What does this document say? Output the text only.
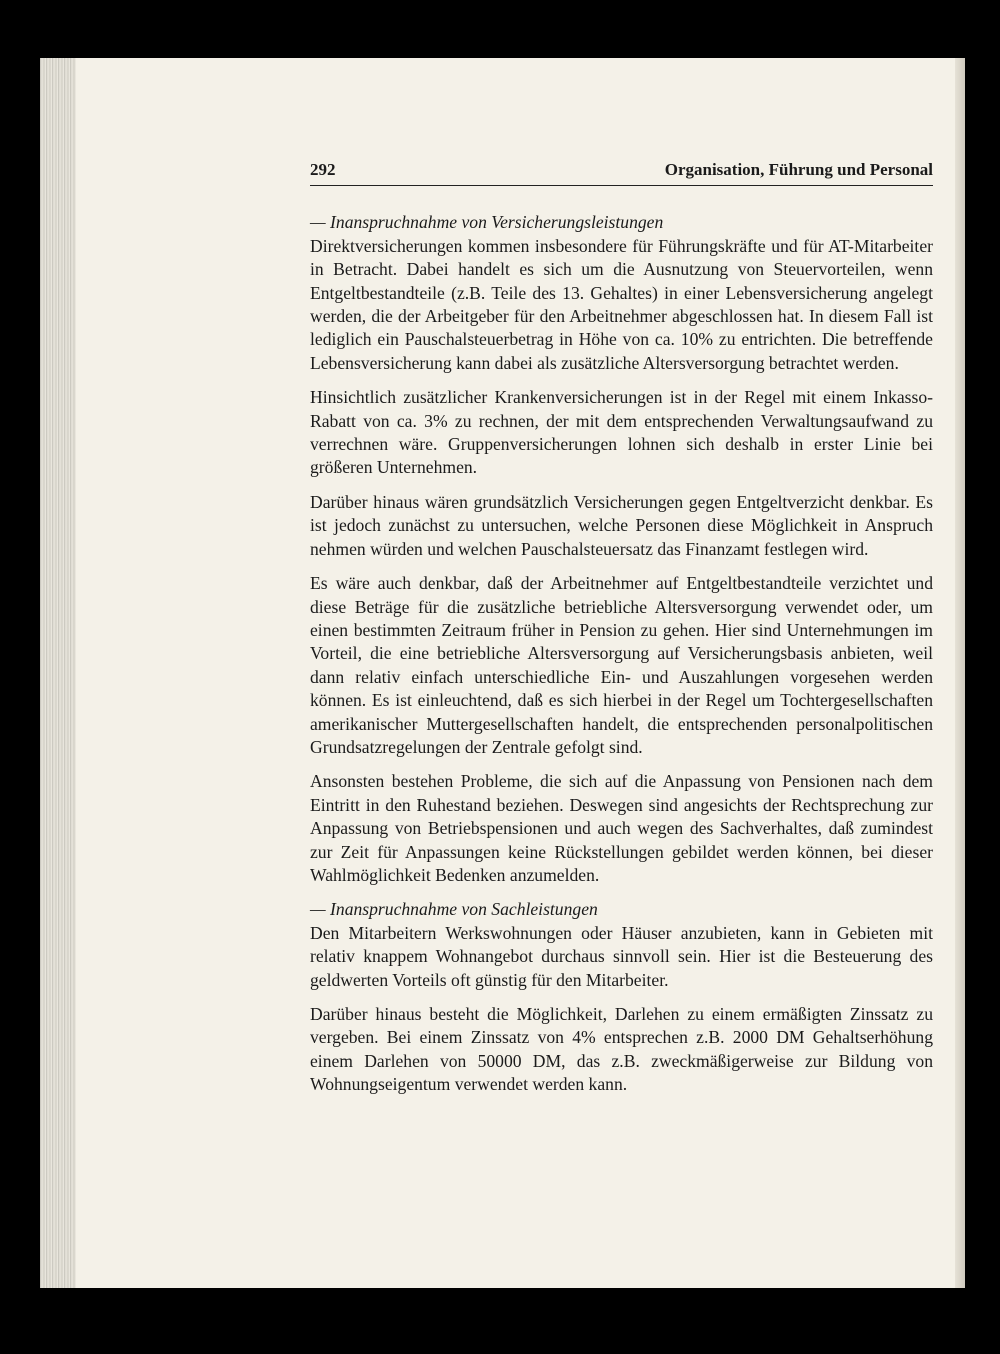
292	Organisation, Führung und Personal
— Inanspruchnahme von Versicherungsleistungen

Direktversicherungen kommen insbesondere für Führungskräfte und für AT-Mitarbeiter in Betracht. Dabei handelt es sich um die Ausnutzung von Steuervorteilen, wenn Entgeltbestandteile (z.B. Teile des 13. Gehaltes) in einer Lebensversicherung angelegt werden, die der Arbeitgeber für den Arbeitnehmer abgeschlossen hat. In diesem Fall ist lediglich ein Pauschalsteuerbetrag in Höhe von ca. 10% zu entrichten. Die betreffende Lebensversicherung kann dabei als zusätzliche Altersversorgung betrachtet werden.

Hinsichtlich zusätzlicher Krankenversicherungen ist in der Regel mit einem Inkasso-Rabatt von ca. 3% zu rechnen, der mit dem entsprechenden Verwaltungsaufwand zu verrechnen wäre. Gruppenversicherungen lohnen sich deshalb in erster Linie bei größeren Unternehmen.

Darüber hinaus wären grundsätzlich Versicherungen gegen Entgeltverzicht denkbar. Es ist jedoch zunächst zu untersuchen, welche Personen diese Möglichkeit in Anspruch nehmen würden und welchen Pauschalsteuersatz das Finanzamt festlegen wird.

Es wäre auch denkbar, daß der Arbeitnehmer auf Entgeltbestandteile verzichtet und diese Beträge für die zusätzliche betriebliche Altersversorgung verwendet oder, um einen bestimmten Zeitraum früher in Pension zu gehen. Hier sind Unternehmungen im Vorteil, die eine betriebliche Altersversorgung auf Versicherungsbasis anbieten, weil dann relativ einfach unterschiedliche Ein- und Auszahlungen vorgesehen werden können. Es ist einleuchtend, daß es sich hierbei in der Regel um Tochtergesellschaften amerikanischer Muttergesellschaften handelt, die entsprechenden personalpolitischen Grundsatzregelungen der Zentrale gefolgt sind.

Ansonsten bestehen Probleme, die sich auf die Anpassung von Pensionen nach dem Eintritt in den Ruhestand beziehen. Deswegen sind angesichts der Rechtsprechung zur Anpassung von Betriebspensionen und auch wegen des Sachverhaltes, daß zumindest zur Zeit für Anpassungen keine Rückstellungen gebildet werden können, bei dieser Wahlmöglichkeit Bedenken anzumelden.

— Inanspruchnahme von Sachleistungen

Den Mitarbeitern Werkswohnungen oder Häuser anzubieten, kann in Gebieten mit relativ knappem Wohnangebot durchaus sinnvoll sein. Hier ist die Besteuerung des geldwerten Vorteils oft günstig für den Mitarbeiter.

Darüber hinaus besteht die Möglichkeit, Darlehen zu einem ermäßigten Zinssatz zu vergeben. Bei einem Zinssatz von 4% entsprechen z.B. 2000 DM Gehaltserhöhung einem Darlehen von 50000 DM, das z.B. zweckmäßigerweise zur Bildung von Wohnungseigentum verwendet werden kann.
